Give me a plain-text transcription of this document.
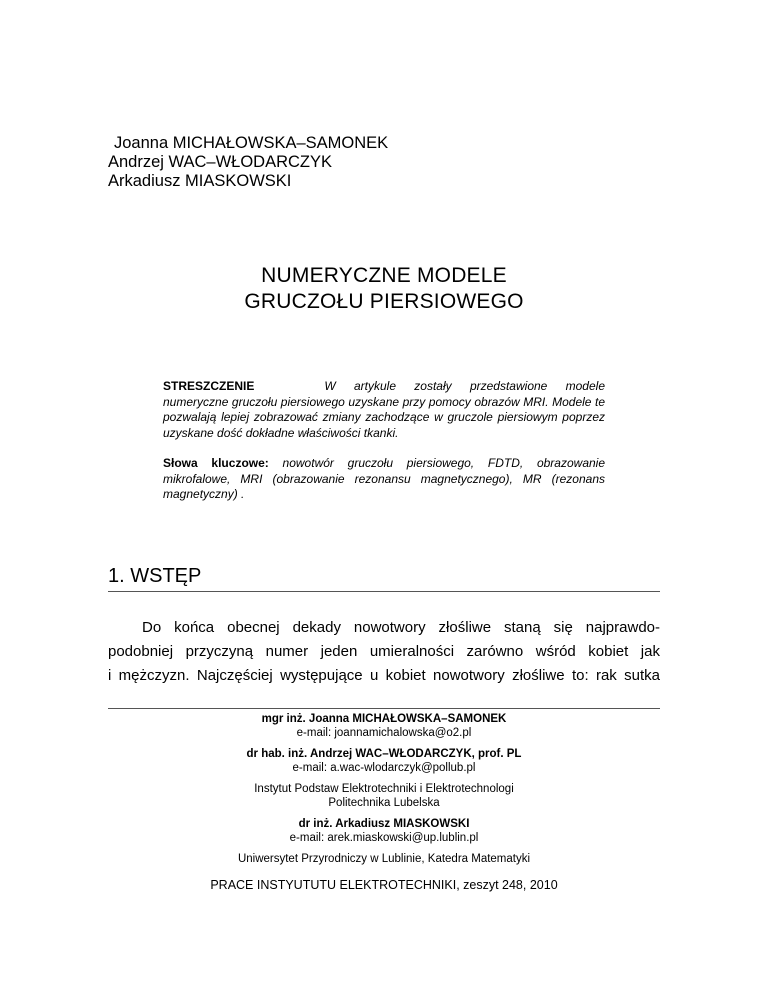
Joanna MICHAŁOWSKA–SAMONEK
Andrzej WAC–WŁODARCZYK
Arkadiusz MIASKOWSKI
NUMERYCZNE MODELE
GRUCZOŁU PIERSIOWEGO
STRESZCZENIE	W artykule zostały przedstawione modele numeryczne gruczołu piersiowego uzyskane przy pomocy obrazów MRI. Modele te pozwalają lepiej zobrazować zmiany zachodzące w gruczole piersiowym poprzez uzyskane dość dokładne właściwości tkanki.
Słowa kluczowe: nowotwór gruczołu piersiowego, FDTD, obrazowanie mikrofalowe, MRI (obrazowanie rezonansu magnetycznego), MR (rezonans magnetyczny) .
1. WSTĘP
Do końca obecnej dekady nowotwory złośliwe staną się najprawdo-
podobniej przyczyną numer jeden umieralności zarówno wśród kobiet jak
i mężczyzn. Najczęściej występujące u kobiet nowotwory złośliwe to: rak sutka
mgr inż. Joanna MICHAŁOWSKA–SAMONEK
e-mail: joannamichalowska@o2.pl
dr hab. inż. Andrzej WAC–WŁODARCZYK, prof. PL
e-mail: a.wac-wlodarczyk@pollub.pl
Instytut Podstaw Elektrotechniki i Elektrotechnologi
Politechnika Lubelska
dr inż. Arkadiusz MIASKOWSKI
e-mail: arek.miaskowski@up.lublin.pl
Uniwersytet Przyrodniczy w Lublinie, Katedra Matematyki
PRACE INSTYUTUTU ELEKTROTECHNIKI, zeszyt 248, 2010
